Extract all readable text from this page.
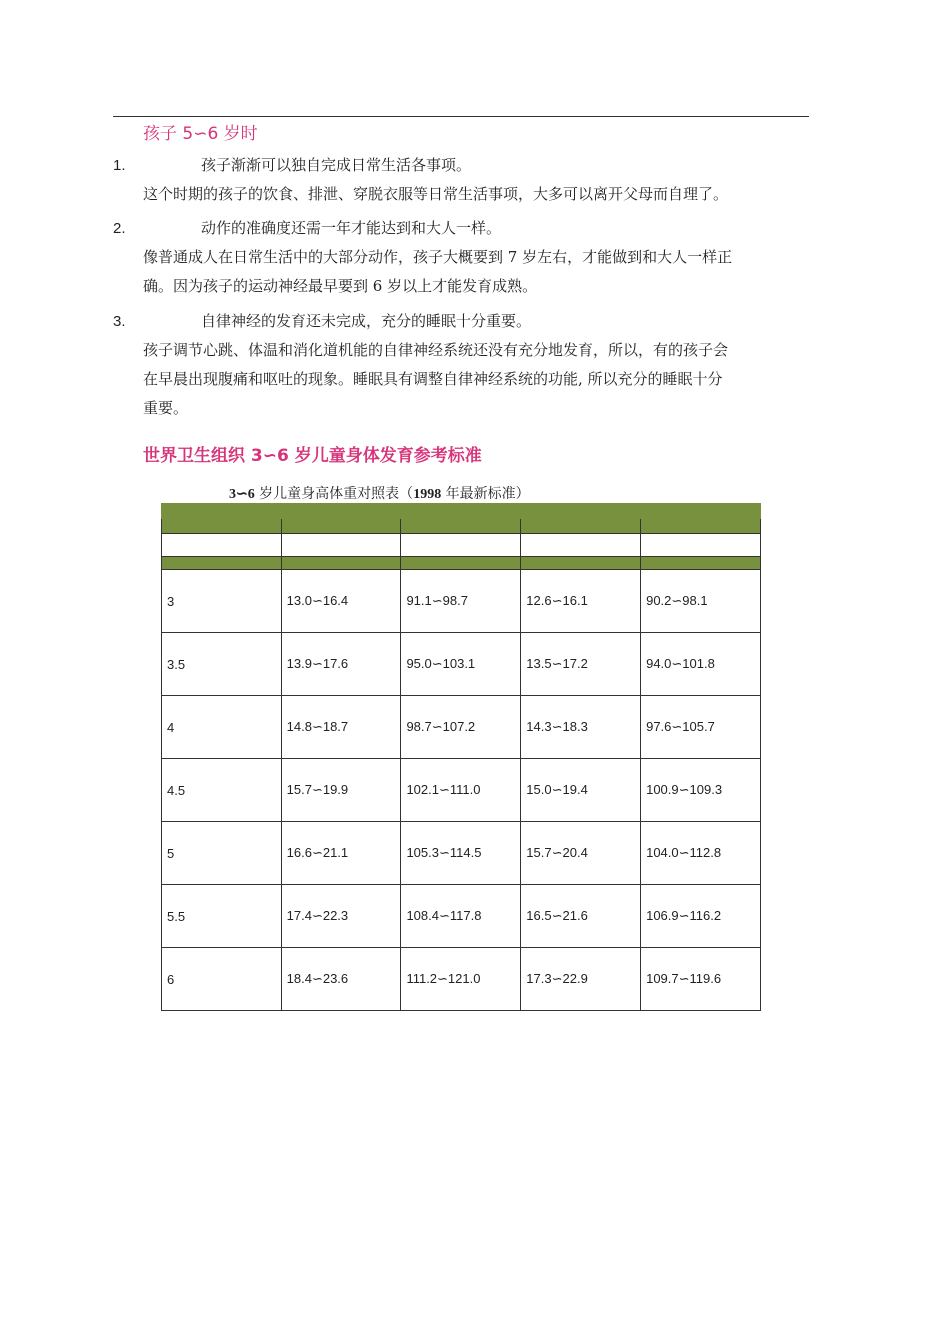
孩子 5∽6 岁时
1.	孩子渐渐可以独自完成日常生活各事项。
这个时期的孩子的饮食、排泄、穿脱衣服等日常生活事项，大多可以离开父母而自理了。
2.	动作的准确度还需一年才能达到和大人一样。
像普通成人在日常生活中的大部分动作，孩子大概要到 7 岁左右，才能做到和大人一样正
确。因为孩子的运动神经最早要到 6 岁以上才能发育成熟。
3.	自律神经的发育还未完成，充分的睡眠十分重要。
孩子调节心跳、体温和消化道机能的自律神经系统还没有充分地发育，所以，有的孩子会
在早晨出现腹痛和呕吐的现象。睡眠具有调整自律神经系统的功能, 所以充分的睡眠十分
重要。
世界卫生组织 3∽6 岁儿童身体发育参考标准
3∽6 岁儿童身高体重对照表（1998 年最新标准）

3	13.0∽16.4	91.1∽98.7	12.6∽16.1	90.2∽98.1
3.5	13.9∽17.6	95.0∽103.1	13.5∽17.2	94.0∽101.8
4	14.8∽18.7	98.7∽107.2	14.3∽18.3	97.6∽105.7
4.5	15.7∽19.9	102.1∽111.0	15.0∽19.4	100.9∽109.3
5	16.6∽21.1	105.3∽114.5	15.7∽20.4	104.0∽112.8
5.5	17.4∽22.3	108.4∽117.8	16.5∽21.6	106.9∽116.2
6	18.4∽23.6	111.2∽121.0	17.3∽22.9	109.7∽119.6
